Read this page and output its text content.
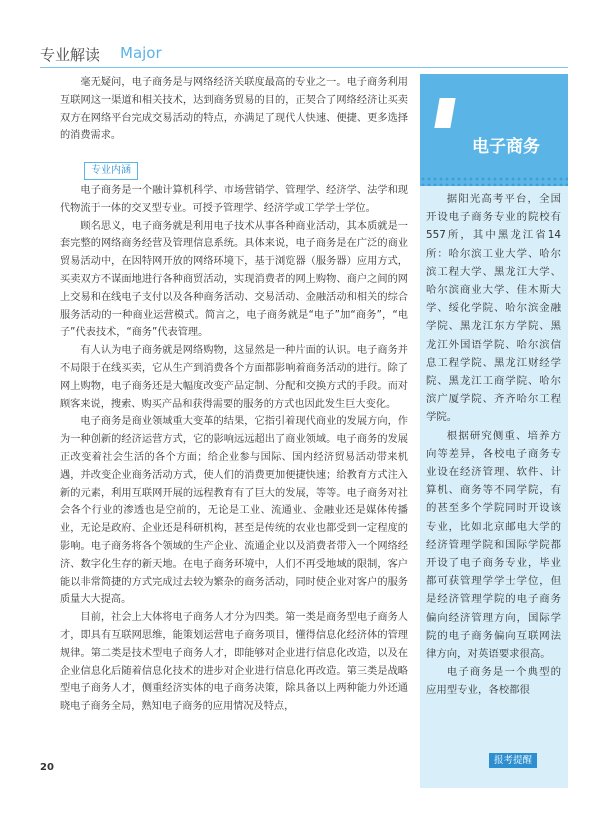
专业解读 Major

毫无疑问，电子商务是与网络经济关联度最高的专业之一。电子商务利用互联网这一渠道和相关技术，达到商务贸易的目的，正契合了网络经济让买卖双方在网络平台完成交易活动的特点，亦满足了现代人快速、便捷、更多选择的消费需求。

专业内涵

电子商务是一个融计算机科学、市场营销学、管理学、经济学、法学和现代物流于一体的交叉型专业。可授予管理学、经济学或工学学士学位。

顾名思义，电子商务就是利用电子技术从事各种商业活动，其本质就是一套完整的网络商务经营及管理信息系统。具体来说，电子商务是在广泛的商业贸易活动中，在因特网开放的网络环境下，基于浏览器（服务器）应用方式，买卖双方不谋面地进行各种商贸活动，实现消费者的网上购物、商户之间的网上交易和在线电子支付以及各种商务活动、交易活动、金融活动和相关的综合服务活动的一种商业运营模式。简言之，电子商务就是“电子”加“商务”，“电子”代表技术，“商务”代表管理。

有人认为电子商务就是网络购物，这显然是一种片面的认识。电子商务并不局限于在线买卖，它从生产到消费各个方面都影响着商务活动的进行。除了网上购物，电子商务还是大幅度改变产品定制、分配和交换方式的手段。而对顾客来说，搜索、购买产品和获得需要的服务的方式也因此发生巨大变化。

电子商务是商业领域重大变革的结果，它指引着现代商业的发展方向，作为一种创新的经济运营方式，它的影响远远超出了商业领域。电子商务的发展正改变着社会生活的各个方面；给企业参与国际、国内经济贸易活动带来机遇，并改变企业商务活动方式，使人们的消费更加便捷快速；给教育方式注入新的元素，利用互联网开展的远程教育有了巨大的发展，等等。电子商务对社会各个行业的渗透也是空前的，无论是工业、流通业、金融业还是媒体传播业，无论是政府、企业还是科研机构，甚至是传统的农业也都受到一定程度的影响。电子商务将各个领域的生产企业、流通企业以及消费者带入一个网络经济、数字化生存的新天地。在电子商务环境中，人们不再受地域的限制，客户能以非常简捷的方式完成过去较为繁杂的商务活动，同时使企业对客户的服务质量大大提高。

目前，社会上大体将电子商务人才分为四类。第一类是商务型电子商务人才，即具有互联网思维，能策划运营电子商务项目，懂得信息化经济体的管理规律。第二类是技术型电子商务人才，即能够对企业进行信息化改造，以及在企业信息化后随着信息化技术的进步对企业进行信息化再改造。第三类是战略型电子商务人才，侧重经济实体的电子商务决策，除具备以上两种能力外还通晓电子商务全局，熟知电子商务的应用情况及特点，

电子商务

据阳光高考平台，全国开设电子商务专业的院校有557所，其中黑龙江省14所：哈尔滨工业大学、哈尔滨工程大学、黑龙江大学、哈尔滨商业大学、佳木斯大学、绥化学院、哈尔滨金融学院、黑龙江东方学院、黑龙江外国语学院、哈尔滨信息工程学院、黑龙江财经学院、黑龙江工商学院、哈尔滨广厦学院、齐齐哈尔工程学院。

根据研究侧重、培养方向等差异，各校电子商务专业设在经济管理、软件、计算机、商务等不同学院，有的甚至多个学院同时开设该专业，比如北京邮电大学的经济管理学院和国际学院都开设了电子商务专业，毕业都可获管理学学士学位，但是经济管理学院的电子商务偏向经济管理方向，国际学院的电子商务偏向互联网法律方向，对英语要求很高。

电子商务是一个典型的应用型专业，各校都很

报考提醒
20
